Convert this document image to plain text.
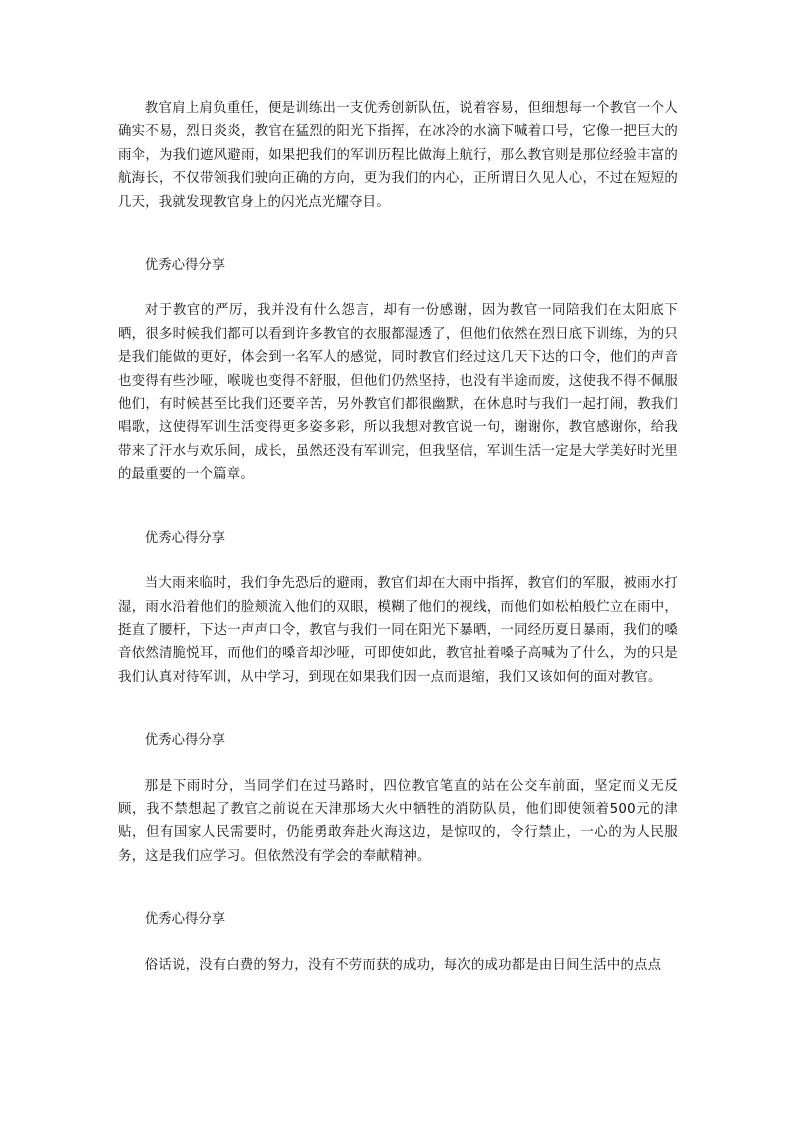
教官肩上肩负重任，便是训练出一支优秀创新队伍，说着容易，但细想每一个教官一个人确实不易，烈日炎炎，教官在猛烈的阳光下指挥，在冰冷的水滴下喊着口号，它像一把巨大的雨伞，为我们遮风避雨，如果把我们的军训历程比做海上航行，那么教官则是那位经验丰富的航海长，不仅带领我们驶向正确的方向，更为我们的内心，正所谓日久见人心，不过在短短的几天，我就发现教官身上的闪光点光耀夺目。

优秀心得分享

对于教官的严厉，我并没有什么怨言，却有一份感谢，因为教官一同陪我们在太阳底下晒，很多时候我们都可以看到许多教官的衣服都湿透了，但他们依然在烈日底下训练，为的只是我们能做的更好，体会到一名军人的感觉，同时教官们经过这几天下达的口令，他们的声音也变得有些沙哑，喉咙也变得不舒服，但他们仍然坚持，也没有半途而废，这使我不得不佩服他们，有时候甚至比我们还要辛苦，另外教官们都很幽默，在休息时与我们一起打闹，教我们唱歌，这使得军训生活变得更多姿多彩，所以我想对教官说一句，谢谢你，教官感谢你，给我带来了汗水与欢乐间，成长，虽然还没有军训完，但我坚信，军训生活一定是大学美好时光里的最重要的一个篇章。

优秀心得分享

当大雨来临时，我们争先恐后的避雨，教官们却在大雨中指挥，教官们的军服，被雨水打湿，雨水沿着他们的脸颊流入他们的双眼，模糊了他们的视线，而他们如松柏般伫立在雨中，挺直了腰杆，下达一声声口令，教官与我们一同在阳光下暴晒，一同经历夏日暴雨，我们的嗓音依然清脆悦耳，而他们的嗓音却沙哑，可即使如此，教官扯着嗓子高喊为了什么，为的只是我们认真对待军训，从中学习，到现在如果我们因一点而退缩，我们又该如何的面对教官。

优秀心得分享

那是下雨时分，当同学们在过马路时，四位教官笔直的站在公交车前面，坚定而义无反顾，我不禁想起了教官之前说在天津那场大火中牺牲的消防队员，他们即使领着500元的津贴，但有国家人民需要时，仍能勇敢奔赴火海这边，是惊叹的，令行禁止，一心的为人民服务，这是我们应学习。但依然没有学会的奉献精神。

优秀心得分享

俗话说，没有白费的努力，没有不劳而获的成功，每次的成功都是由日间生活中的点点
